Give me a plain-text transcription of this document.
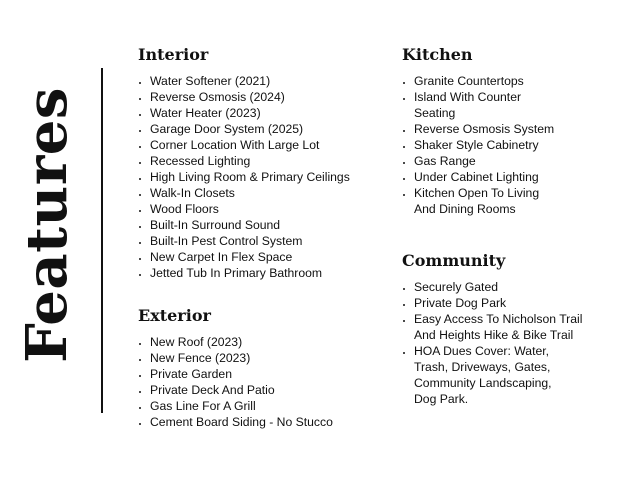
Features
Interior
• Water Softener (2021)
• Reverse Osmosis (2024)
• Water Heater (2023)
• Garage Door System (2025)
• Corner Location With Large Lot
• Recessed Lighting
• High Living Room & Primary Ceilings
• Walk-In Closets
• Wood Floors
• Built-In Surround Sound
• Built-In Pest Control System
• New Carpet In Flex Space
• Jetted Tub In Primary Bathroom
Exterior
• New Roof (2023)
• New Fence (2023)
• Private Garden
• Private Deck And Patio
• Gas Line For A Grill
• Cement Board Siding - No Stucco
Kitchen
• Granite Countertops
• Island With Counter Seating
• Reverse Osmosis System
• Shaker Style Cabinetry
• Gas Range
• Under Cabinet Lighting
• Kitchen Open To Living And Dining Rooms
Community
• Securely Gated
• Private Dog Park
• Easy Access To Nicholson Trail And Heights Hike & Bike Trail
• HOA Dues Cover: Water, Trash, Driveways, Gates, Community Landscaping, Dog Park.
